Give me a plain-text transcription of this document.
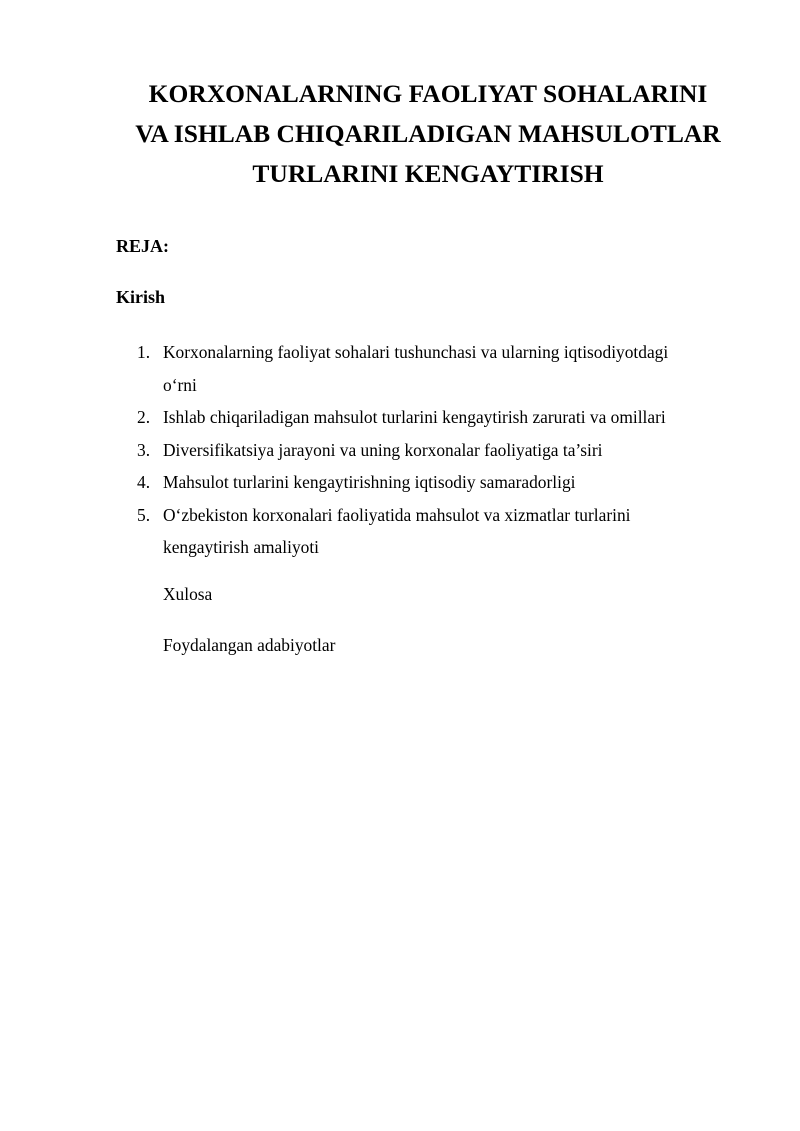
KORXONALARNING FAOLIYAT SOHALARINI
VA ISHLAB CHIQARILADIGAN MAHSULOTLAR
TURLARINI KENGAYTIRISH

REJA:

Kirish

1. Korxonalarning faoliyat sohalari tushunchasi va ularning iqtisodiyotdagi
o‘rni
2. Ishlab chiqariladigan mahsulot turlarini kengaytirish zarurati va omillari
3. Diversifikatsiya jarayoni va uning korxonalar faoliyatiga ta’siri
4. Mahsulot turlarini kengaytirishning iqtisodiy samaradorligi
5. O‘zbekiston korxonalari faoliyatida mahsulot va xizmatlar turlarini
kengaytirish amaliyoti

Xulosa

Foydalangan adabiyotlar
